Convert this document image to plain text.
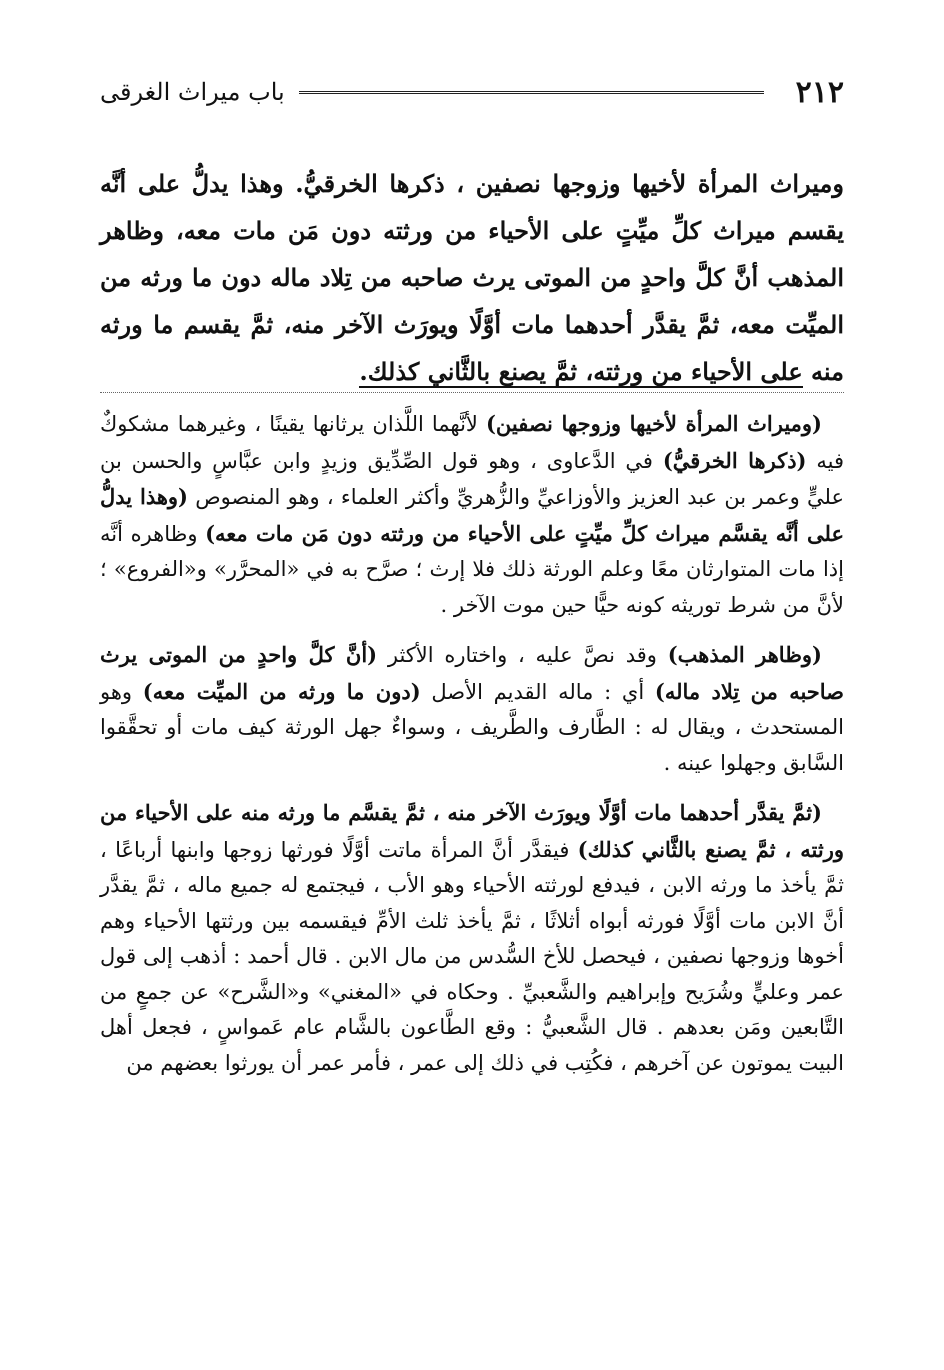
٢١٢
باب ميراث الغرقى
وميراث المرأة لأخيها وزوجها نصفين ، ذكرها الخرقيُّ. وهذا يدلُّ على أنَّه يقسم ميراث كلِّ ميِّتٍ على الأحياء من ورثته دون مَن مات معه، وظاهر المذهب أنَّ كلَّ واحدٍ من الموتى يرث صاحبه من تِلاد ماله دون ما ورثه من الميِّت معه، ثمَّ يقدَّر أحدهما مات أوَّلًا ويورَث الآخر منه، ثمَّ يقسم ما ورثه منه على الأحياء من ورثته، ثمَّ يصنع بالثَّاني كذلك.

(وميراث المرأة لأخيها وزوجها نصفين) لأنَّهما اللَّذان يرثانها يقينًا ، وغيرهما مشكوكٌ فيه (ذكرها الخرقيُّ) في الدَّعاوى ، وهو قول الصِّدِّيق وزيدٍ وابن عبَّاسٍ والحسن بن عليٍّ وعمر بن عبد العزيز والأوزاعيِّ والزُّهريِّ وأكثر العلماء ، وهو المنصوص (وهذا يدلُّ على أنَّه يقسَّم ميراث كلِّ ميِّتٍ على الأحياء من ورثته دون مَن مات معه) وظاهره أنَّه إذا مات المتوارثان معًا وعلم الورثة ذلك فلا إرث ؛ صرَّح به في «المحرَّر» و«الفروع» ؛ لأنَّ من شرط توريثه كونه حيًّا حين موت الآخر .

(وظاهر المذهب) وقد نصَّ عليه ، واختاره الأكثر (أنَّ كلَّ واحدٍ من الموتى يرث صاحبه من تِلاد ماله) أي : ماله القديم الأصل (دون ما ورثه من الميِّت معه) وهو المستحدث ، ويقال له : الطَّارف والطَّريف ، وسواءٌ جهل الورثة كيف مات أو تحقَّقوا السَّابق وجهلوا عينه .

(ثمَّ يقدَّر أحدهما مات أوَّلًا ويورَث الآخر منه ، ثمَّ يقسَّم ما ورثه منه على الأحياء من ورثته ، ثمَّ يصنع بالثَّاني كذلك) فيقدَّر أنَّ المرأة ماتت أوَّلًا فورثها زوجها وابنها أرباعًا ، ثمَّ يأخذ ما ورثه الابن ، فيدفع لورثته الأحياء وهو الأب ، فيجتمع له جميع ماله ، ثمَّ يقدَّر أنَّ الابن مات أوَّلًا فورثه أبواه أثلاثًا ، ثمَّ يأخذ ثلث الأمِّ فيقسمه بين ورثتها الأحياء وهم أخوها وزوجها نصفين ، فيحصل للأخ السُّدس من مال الابن . قال أحمد : أذهب إلى قول عمر وعليٍّ وشُرَيح وإبراهيم والشَّعبيِّ . وحكاه في «المغني» و«الشَّرح» عن جمعٍ من التَّابعين ومَن بعدهم . قال الشَّعبيُّ : وقع الطَّاعون بالشَّام عام عَمواسٍ ، فجعل أهل البيت يموتون عن آخرهم ، فكُتِب في ذلك إلى عمر ، فأمر عمر أن يورثوا بعضهم من
